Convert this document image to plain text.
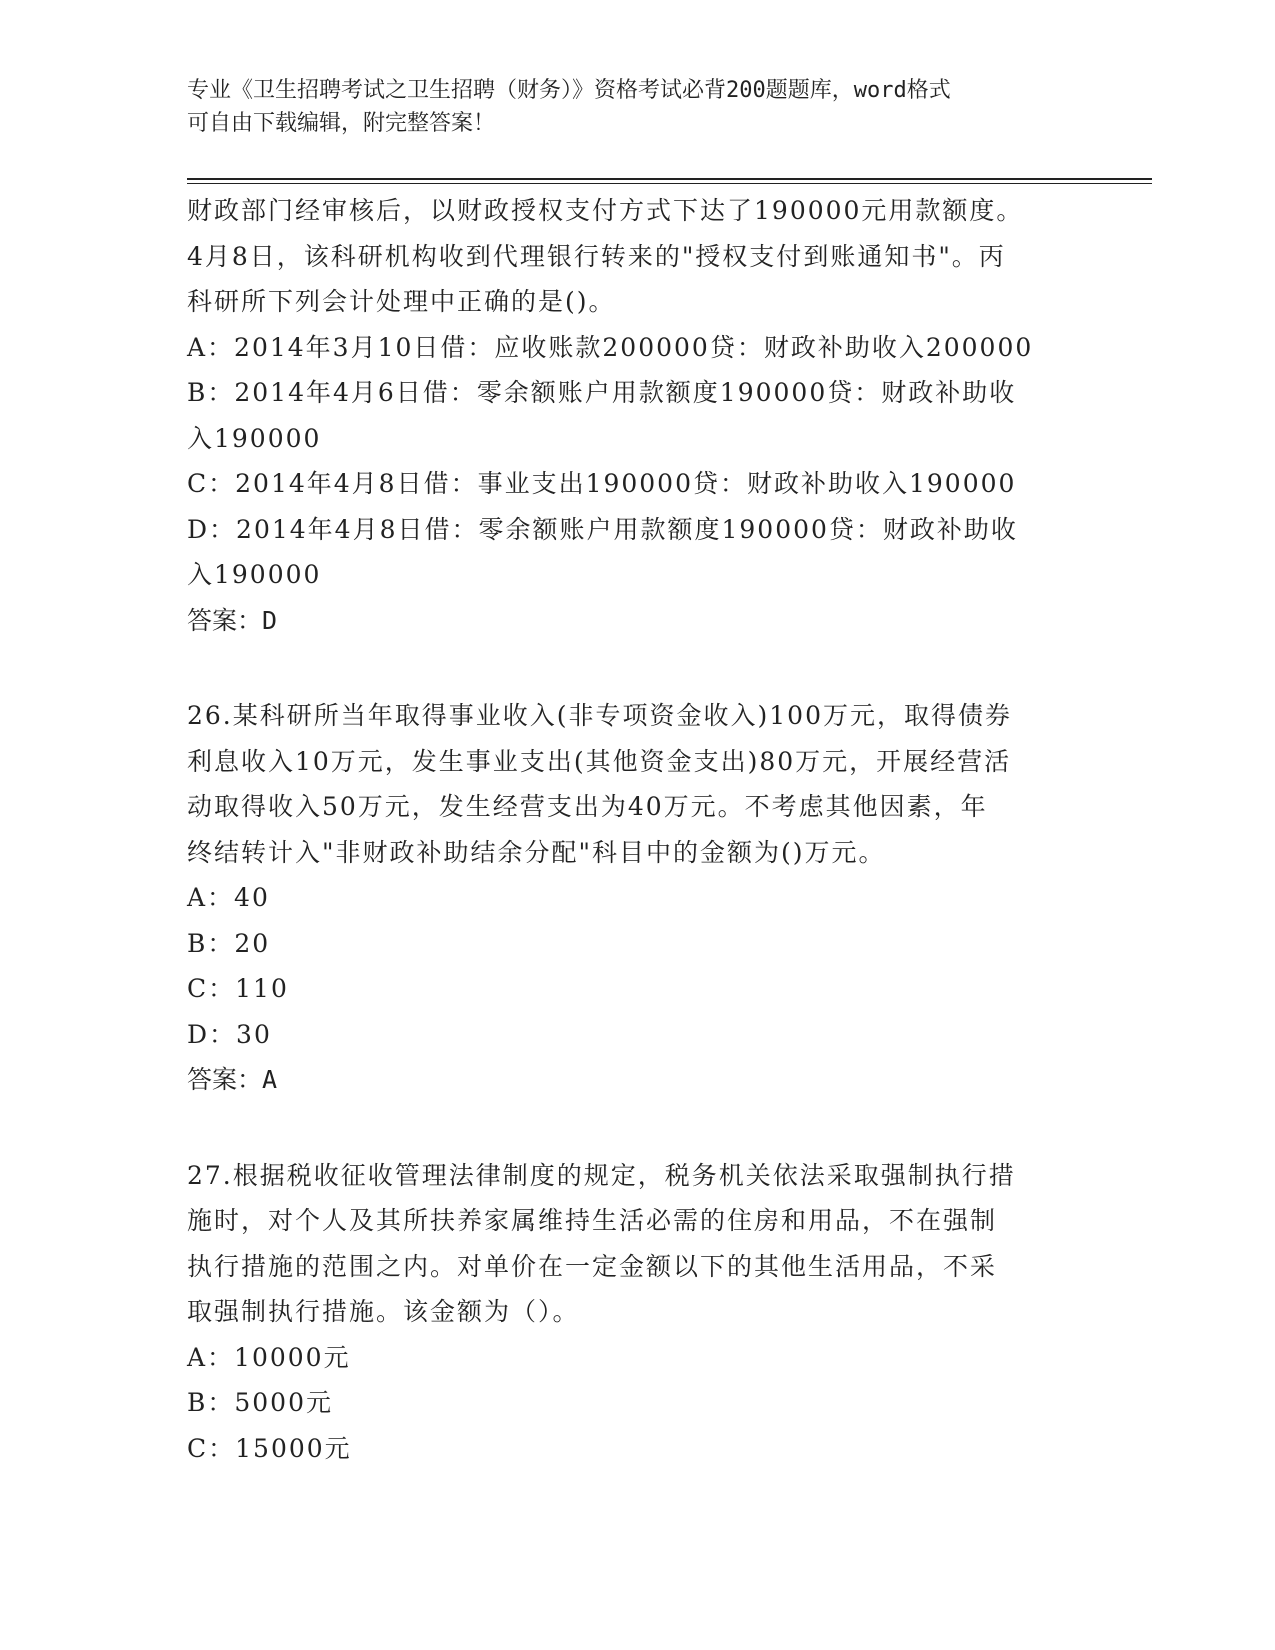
专业《卫生招聘考试之卫生招聘（财务）》资格考试必背200题题库，word格式
可自由下载编辑，附完整答案！
财政部门经审核后，以财政授权支付方式下达了190000元用款额度。
4月8日，该科研机构收到代理银行转来的"授权支付到账通知书"。丙
科研所下列会计处理中正确的是()。
A：2014年3月10日借：应收账款200000贷：财政补助收入200000
B：2014年4月6日借：零余额账户用款额度190000贷：财政补助收
入190000
C：2014年4月8日借：事业支出190000贷：财政补助收入190000
D：2014年4月8日借：零余额账户用款额度190000贷：财政补助收
入190000
答案：D
26.某科研所当年取得事业收入(非专项资金收入)100万元，取得债券
利息收入10万元，发生事业支出(其他资金支出)80万元，开展经营活
动取得收入50万元，发生经营支出为40万元。不考虑其他因素，年
终结转计入"非财政补助结余分配"科目中的金额为()万元。
A：40
B：20
C：110
D：30
答案：A
27.根据税收征收管理法律制度的规定，税务机关依法采取强制执行措
施时，对个人及其所扶养家属维持生活必需的住房和用品，不在强制
执行措施的范围之内。对单价在一定金额以下的其他生活用品，不采
取强制执行措施。该金额为（）。
A：10000元
B：5000元
C：15000元
